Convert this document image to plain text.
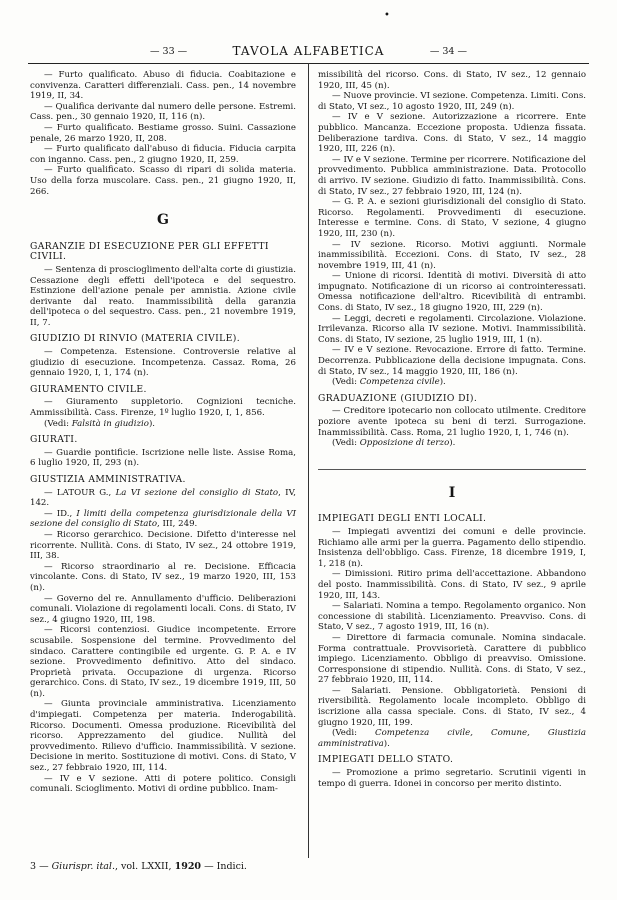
— 33 —	TAVOLA ALFABETICA	— 34 —
•

— Furto qualificato. Abuso di fiducia. Coabitazione e convivenza. Caratteri differenziali. Cass. pen., 14 novembre 1919, II, 34.

— Qualifica derivante dal numero delle persone. Estremi. Cass. pen., 30 gennaio 1920, II, 116 (n).

— Furto qualificato. Bestiame grosso. Suini. Cassazione penale, 26 marzo 1920, II, 208.

— Furto qualificato dall'abuso di fiducia. Fiducia carpita con inganno. Cass. pen., 2 giugno 1920, II, 259.

— Furto qualificato. Scasso di ripari di solida materia. Uso della forza muscolare. Cass. pen., 21 giugno 1920, II, 266.

G

GARANZIE DI ESECUZIONE PER GLI EFFETTI CIVILI.

— Sentenza di proscioglimento dell'alta corte di giustizia. Cessazione degli effetti dell'ipoteca e del sequestro. Estinzione dell'azione penale per amnistia. Azione civile derivante dal reato. Inammissibilità della garanzia dell'ipoteca o del sequestro. Cass. pen., 21 novembre 1919, II, 7.

GIUDIZIO DI RINVIO (MATERIA CIVILE).

— Competenza. Estensione. Controversie relative al giudizio di esecuzione. Incompetenza. Cassaz. Roma, 26 gennaio 1920, I, 1, 174 (n).

GIURAMENTO CIVILE.

— Giuramento suppletorio. Cognizioni tecniche. Ammissibilità. Cass. Firenze, 1º luglio 1920, I, 1, 856.

(Vedi: Falsità in giudizio).

GIURATI.

— Guardie pontificie. Iscrizione nelle liste. Assise Roma, 6 luglio 1920, II, 293 (n).

GIUSTIZIA AMMINISTRATIVA.

— LATOUR G., La VI sezione del consiglio di Stato, IV, 142.

— ID., I limiti della competenza giurisdizionale della VI sezione del consiglio di Stato, III, 249.

— Ricorso gerarchico. Decisione. Difetto d'interesse nel ricorrente. Nullità. Cons. di Stato, IV sez., 24 ottobre 1919, III, 38.

— Ricorso straordinario al re. Decisione. Efficacia vincolante. Cons. di Stato, IV sez., 19 marzo 1920, III, 153 (n).

— Governo del re. Annullamento d'ufficio. Deliberazioni comunali. Violazione di regolamenti locali. Cons. di Stato, IV sez., 4 giugno 1920, III, 198.

— Ricorsi contenziosi. Giudice incompetente. Errore scusabile. Sospensione del termine. Provvedimento del sindaco. Carattere contingibile ed urgente. G. P. A. e IV sezione. Provvedimento definitivo. Atto del sindaco. Proprietà privata. Occupazione di urgenza. Ricorso gerarchico. Cons. di Stato, IV sez., 19 dicembre 1919, III, 50 (n).

— Giunta provinciale amministrativa. Licenziamento d'impiegati. Competenza per materia. Inderogabilità. Ricorso. Documenti. Omessa produzione. Ricevibilità del ricorso. Apprezzamento del giudice. Nullità del provvedimento. Rilievo d'ufficio. Inammissibilità. V sezione. Decisione in merito. Sostituzione di motivi. Cons. di Stato, V sez., 27 febbraio 1920, III, 114.

— IV e V sezione. Atti di potere politico. Consigli comunali. Scioglimento. Motivi di ordine pubblico. Inam-

missibilità del ricorso. Cons. di Stato, IV sez., 12 gennaio 1920, III, 45 (n).

— Nuove provincie. VI sezione. Competenza. Limiti. Cons. di Stato, VI sez., 10 agosto 1920, III, 249 (n).

— IV e V sezione. Autorizzazione a ricorrere. Ente pubblico. Mancanza. Eccezione proposta. Udienza fissata. Deliberazione tardiva. Cons. di Stato, V sez., 14 maggio 1920, III, 226 (n).

— IV e V sezione. Termine per ricorrere. Notificazione del provvedimento. Pubblica amministrazione. Data. Protocollo di arrivo. IV sezione. Giudizio di fatto. Inammissibilità. Cons. di Stato, IV sez., 27 febbraio 1920, III, 124 (n).

— G. P. A. e sezioni giurisdizionali del consiglio di Stato. Ricorso. Regolamenti. Provvedimenti di esecuzione. Interesse e termine. Cons. di Stato, V sezione, 4 giugno 1920, III, 230 (n).

— IV sezione. Ricorso. Motivi aggiunti. Normale inammissibilità. Eccezioni. Cons. di Stato, IV sez., 28 novembre 1919, III, 41 (n).

— Unione di ricorsi. Identità di motivi. Diversità di atto impugnato. Notificazione di un ricorso ai controinteressati. Omessa notificazione dell'altro. Ricevibilità di entrambi. Cons. di Stato, IV sez., 18 giugno 1920, III, 229 (n).

— Leggi, decreti e regolamenti. Circolazione. Violazione. Irrilevanza. Ricorso alla IV sezione. Motivi. Inammissibilità. Cons. di Stato, IV sezione, 25 luglio 1919, III, 1 (n).

— IV e V sezione. Revocazione. Errore di fatto. Termine. Decorrenza. Pubblicazione della decisione impugnata. Cons. di Stato, IV sez., 14 maggio 1920, III, 186 (n).

(Vedi: Competenza civile).

GRADUAZIONE (GIUDIZIO DI).

— Creditore ipotecario non collocato utilmente. Creditore poziore avente ipoteca su beni di terzi. Surrogazione. Inammissibilità. Cass. Roma, 21 luglio 1920, I, 1, 746 (n).

(Vedi: Opposizione di terzo).

I

IMPIEGATI DEGLI ENTI LOCALI.

— Impiegati avventizi dei comuni e delle provincie. Richiamo alle armi per la guerra. Pagamento dello stipendio. Insistenza dell'obbligo. Cass. Firenze, 18 dicembre 1919, I, 1, 218 (n).

— Dimissioni. Ritiro prima dell'accettazione. Abbandono del posto. Inammissibilità. Cons. di Stato, IV sez., 9 aprile 1920, III, 143.

— Salariati. Nomina a tempo. Regolamento organico. Non concessione di stabilità. Licenziamento. Preavviso. Cons. di Stato, V sez., 7 agosto 1919, III, 16 (n).

— Direttore di farmacia comunale. Nomina sindacale. Forma contrattuale. Provvisorietà. Carattere di pubblico impiego. Licenziamento. Obbligo di preavviso. Omissione. Corresponsione di stipendio. Nullità. Cons. di Stato, V sez., 27 febbraio 1920, III, 114.

— Salariati. Pensione. Obbligatorietà. Pensioni di riversibilità. Regolamento locale incompleto. Obbligo di iscrizione alla cassa speciale. Cons. di Stato, IV sez., 4 giugno 1920, III, 199.

(Vedi: Competenza civile, Comune, Giustizia amministrativa).

IMPIEGATI DELLO STATO.

— Promozione a primo segretario. Scrutinii vigenti in tempo di guerra. Idonei in concorso per merito distinto.

3 — Giurispr. ital., vol. LXXII, 1920 — Indici.
